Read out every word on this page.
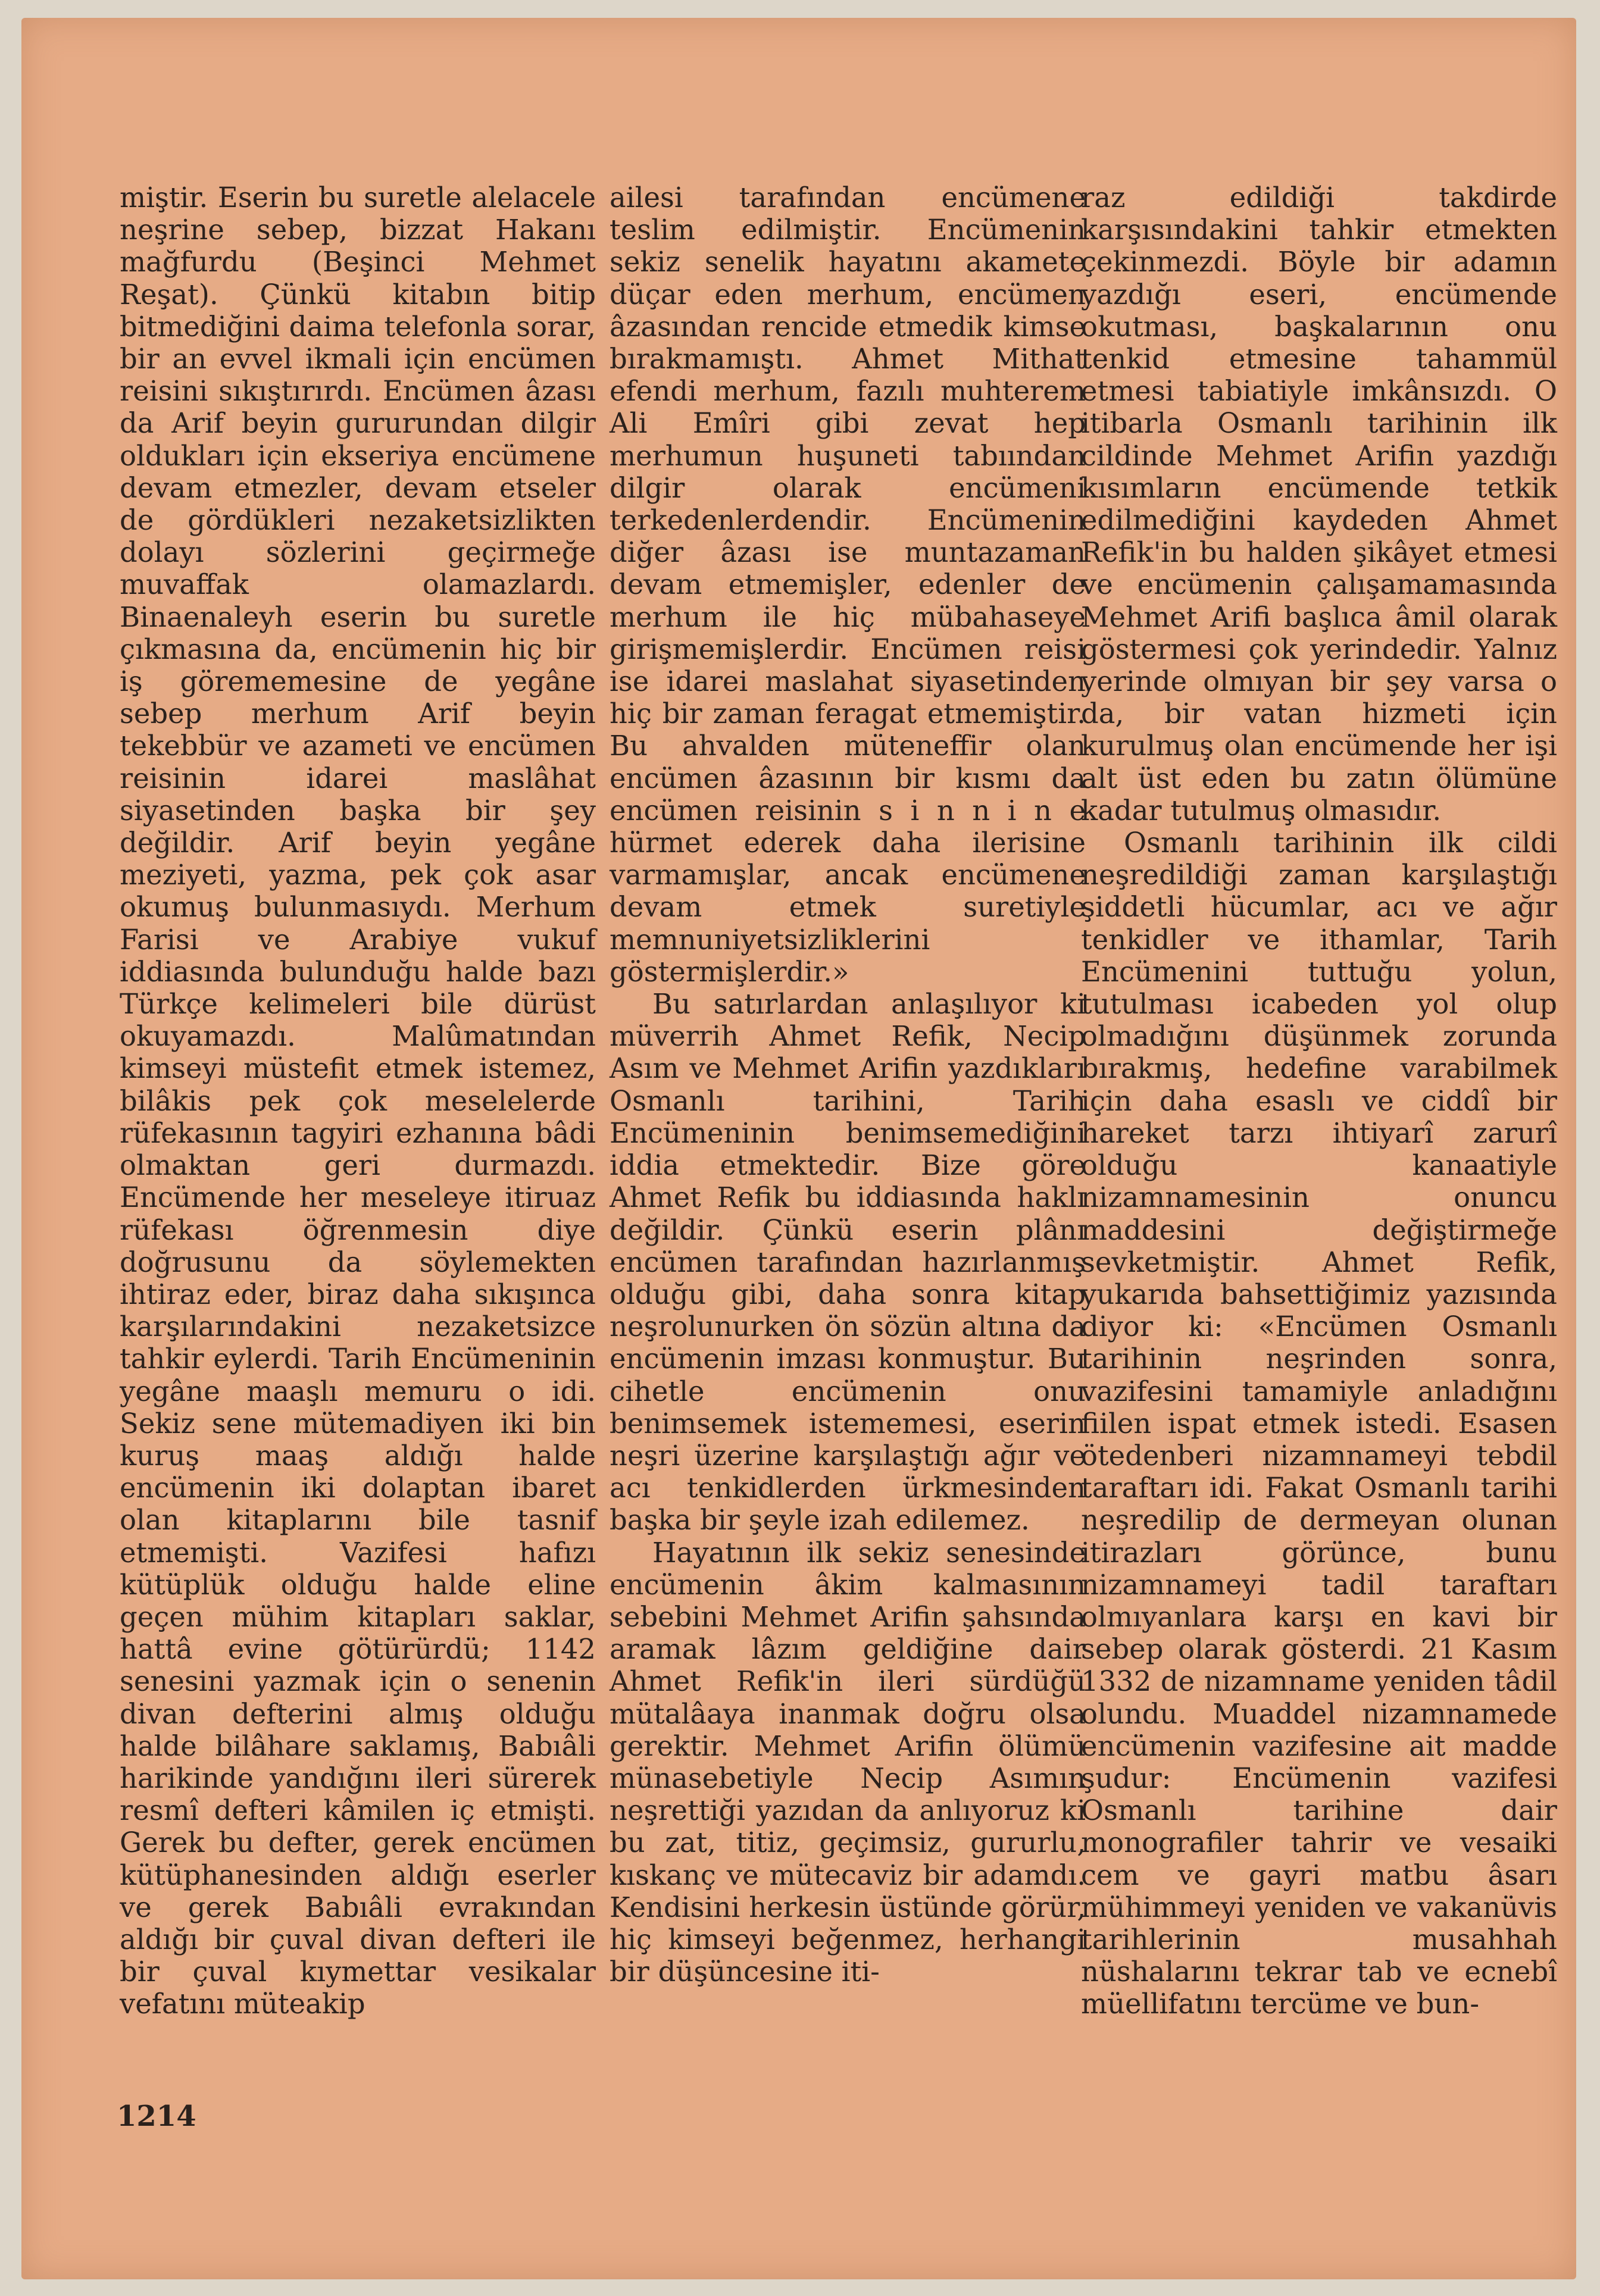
miştir. Eserin bu suretle alelacele neşrine sebep, bizzat Hakanı mağfurdu (Beşinci Mehmet Reşat). Çünkü kitabın bitip bitmediğini daima telefonla sorar, bir an evvel ikmali için encümen reisini sıkıştırırdı. Encümen âzası da Arif beyin gururundan dilgir oldukları için ekseriya encümene devam etmezler, devam etseler de gördükleri nezaketsizlikten dolayı sözlerini geçirmeğe muvaffak olamazlardı. Binaenaleyh eserin bu suretle çıkmasına da, encümenin hiç bir iş görememesine de yegâne sebep merhum Arif beyin tekebbür ve azameti ve encümen reisinin idarei maslâhat siyasetinden başka bir şey değildir. Arif beyin yegâne meziyeti, yazma, pek çok asar okumuş bulunmasıydı. Merhum Farisi ve Arabiye vukuf iddiasında bulunduğu halde bazı Türkçe kelimeleri bile dürüst okuyamazdı. Malûmatından kimseyi müstefit etmek istemez, bilâkis pek çok meselelerde rüfekasının tagyiri ezhanına bâdi olmaktan geri durmazdı. Encümende her meseleye itiruaz rüfekası öğrenmesin diye doğrusunu da söylemekten ihtiraz eder, biraz daha sıkışınca karşılarındakini nezaketsizce tahkir eylerdi. Tarih Encümeninin yegâne maaşlı memuru o idi. Sekiz sene mütemadiyen iki bin kuruş maaş aldığı halde encümenin iki dolaptan ibaret olan kitaplarını bile tasnif etmemişti. Vazifesi hafızı kütüplük olduğu halde eline geçen mühim kitapları saklar, hattâ evine götürürdü; 1142 senesini yazmak için o senenin divan defterini almış olduğu halde bilâhare saklamış, Babıâli harikinde yandığını ileri sürerek resmî defteri kâmilen iç etmişti. Gerek bu defter, gerek encümen kütüphanesinden aldığı eserler ve gerek Babıâli evrakından aldığı bir çuval divan defteri ile bir çuval kıymettar vesikalar vefatını müteakip

ailesi tarafından encümene teslim edilmiştir. Encümenin sekiz senelik hayatını akamete düçar eden merhum, encümen âzasından rencide etmedik kimse bırakmamıştı. Ahmet Mithat efendi merhum, fazılı muhterem Ali Emîri gibi zevat hep merhumun huşuneti tabıından dilgir olarak encümeni terkedenlerdendir. Encümenin diğer âzası ise muntazaman devam etmemişler, edenler de merhum ile hiç mübahaseye girişmemişlerdir. Encümen reisi ise idarei maslahat siyasetinden hiç bir zaman feragat etmemiştir. Bu ahvalden müteneffir olan encümen âzasının bir kısmı da encümen reisinin s i n n i n e hürmet ederek daha ilerisine varmamışlar, ancak encümene devam etmek suretiyle memnuniyetsizliklerini göstermişlerdir.»

Bu satırlardan anlaşılıyor ki müverrih Ahmet Refik, Necip Asım ve Mehmet Arifin yazdıkları Osmanlı tarihini, Tarih Encümeninin benimsemediğini iddia etmektedir. Bize göre Ahmet Refik bu iddiasında haklı değildir. Çünkü eserin plânı encümen tarafından hazırlanmış olduğu gibi, daha sonra kitap neşrolunurken ön sözün altına da encümenin imzası konmuştur. Bu cihetle encümenin onu benimsemek istememesi, eserin neşri üzerine karşılaştığı ağır ve acı tenkidlerden ürkmesinden başka bir şeyle izah edilemez.

Hayatının ilk sekiz senesinde encümenin âkim kalmasının sebebini Mehmet Arifin şahsında aramak lâzım geldiğine dair Ahmet Refik'in ileri sürdüğü mütalâaya inanmak doğru olsa gerektir. Mehmet Arifin ölümü münasebetiyle Necip Asımın neşrettiği yazıdan da anlıyoruz ki bu zat, titiz, geçimsiz, gururlu, kıskanç ve mütecaviz bir adamdı. Kendisini herkesin üstünde görür, hiç kimseyi beğenmez, herhangi bir düşüncesine iti-

raz edildiği takdirde karşısındakini tahkir etmekten çekinmezdi. Böyle bir adamın yazdığı eseri, encümende okutması, başkalarının onu tenkid etmesine tahammül etmesi tabiatiyle imkânsızdı. O itibarla Osmanlı tarihinin ilk cildinde Mehmet Arifin yazdığı kısımların encümende tetkik edilmediğini kaydeden Ahmet Refik'in bu halden şikâyet etmesi ve encümenin çalışamamasında Mehmet Arifi başlıca âmil olarak göstermesi çok yerindedir. Yalnız yerinde olmıyan bir şey varsa o da, bir vatan hizmeti için kurulmuş olan encümende her işi alt üst eden bu zatın ölümüne kadar tutulmuş olmasıdır.

Osmanlı tarihinin ilk cildi neşredildiği zaman karşılaştığı şiddetli hücumlar, acı ve ağır tenkidler ve ithamlar, Tarih Encümenini tuttuğu yolun, tutulması icabeden yol olup olmadığını düşünmek zorunda bırakmış, hedefine varabilmek için daha esaslı ve ciddî bir hareket tarzı ihtiyarî zarurî olduğu kanaatiyle nizamnamesinin onuncu maddesini değiştirmeğe sevketmiştir. Ahmet Refik, yukarıda bahsettiğimiz yazısında diyor ki: «Encümen Osmanlı tarihinin neşrinden sonra, vazifesini tamamiyle anladığını fiilen ispat etmek istedi. Esasen ötedenberi nizamnameyi tebdil taraftarı idi. Fakat Osmanlı tarihi neşredilip de dermeyan olunan itirazları görünce, bunu nizamnameyi tadil taraftarı olmıyanlara karşı en kavi bir sebep olarak gösterdi. 21 Kasım 1332 de nizamname yeniden tâdil olundu. Muaddel nizamnamede encümenin vazifesine ait madde şudur: Encümenin vazifesi Osmanlı tarihine dair monografiler tahrir ve vesaiki cem ve gayri matbu âsarı mühimmeyi yeniden ve vakanüvis tarihlerinin musahhah nüshalarını tekrar tab ve ecnebî müellifatını tercüme ve bun-

1214
